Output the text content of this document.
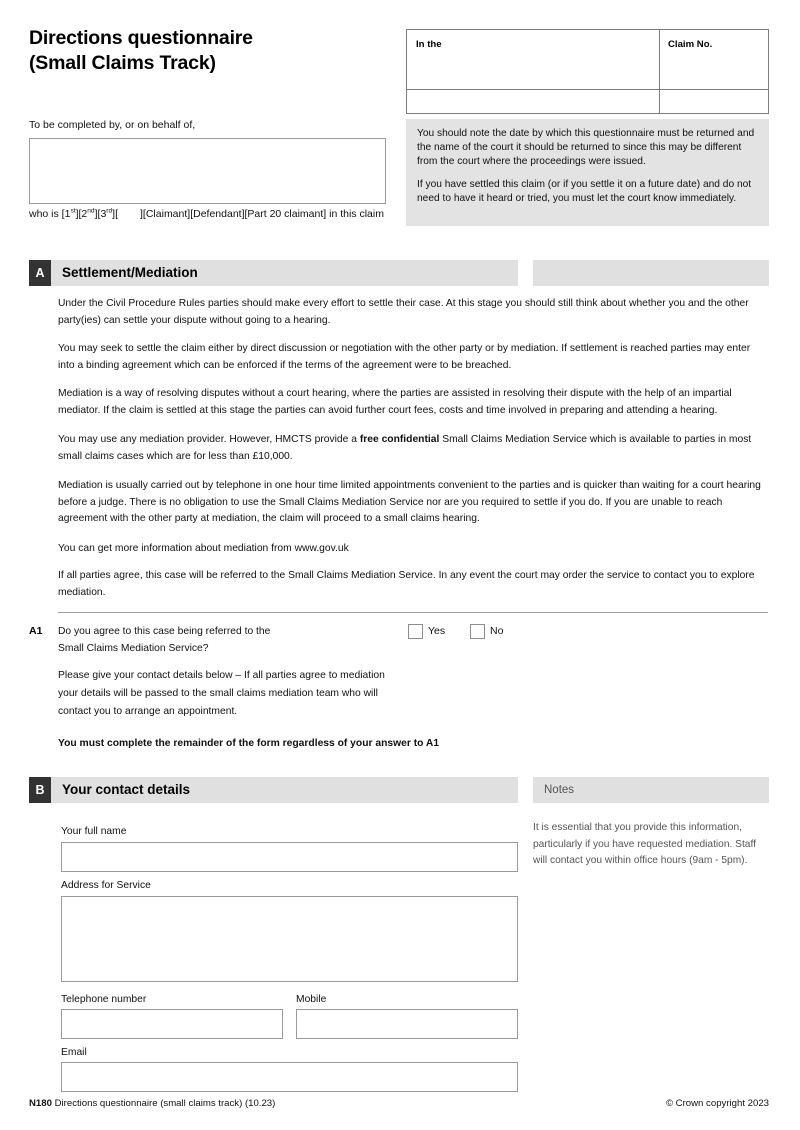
Directions questionnaire
(Small Claims Track)
To be completed by, or on behalf of,
who is [1st][2nd][3rd][ ][Claimant][Defendant][Part 20 claimant] in this claim
In the	Claim No.

You should note the date by which this questionnaire must be returned and the name of the court it should be returned to since this may be different from the court where the proceedings were issued.

If you have settled this claim (or if you settle it on a future date) and do not need to have it heard or tried, you must let the court know immediately.

A	Settlement/Mediation
Under the Civil Procedure Rules parties should make every effort to settle their case. At this stage you should still think about whether you and the other party(ies) can settle your dispute without going to a hearing.
You may seek to settle the claim either by direct discussion or negotiation with the other party or by mediation. If settlement is reached parties may enter into a binding agreement which can be enforced if the terms of the agreement were to be breached.
Mediation is a way of resolving disputes without a court hearing, where the parties are assisted in resolving their dispute with the help of an impartial mediator. If the claim is settled at this stage the parties can avoid further court fees, costs and time involved in preparing and attending a hearing.
You may use any mediation provider. However, HMCTS provide a free confidential Small Claims Mediation Service which is available to parties in most small claims cases which are for less than £10,000.
Mediation is usually carried out by telephone in one hour time limited appointments convenient to the parties and is quicker than waiting for a court hearing before a judge. There is no obligation to use the Small Claims Mediation Service nor are you required to settle if you do. If you are unable to reach agreement with the other party at mediation, the claim will proceed to a small claims hearing.
You can get more information about mediation from www.gov.uk
If all parties agree, this case will be referred to the Small Claims Mediation Service. In any event the court may order the service to contact you to explore mediation.
A1 Do you agree to this case being referred to the
Small Claims Mediation Service?
Yes	No
Please give your contact details below – If all parties agree to mediation
your details will be passed to the small claims mediation team who will
contact you to arrange an appointment.
You must complete the remainder of the form regardless of your answer to A1
B	Your contact details	Notes
It is essential that you provide this information, particularly if you have requested mediation. Staff will contact you within office hours (9am - 5pm).
Your full name
Address for Service
Telephone number	Mobile
Email
N180 Directions questionnaire (small claims track) (10.23)	© Crown copyright 2023
